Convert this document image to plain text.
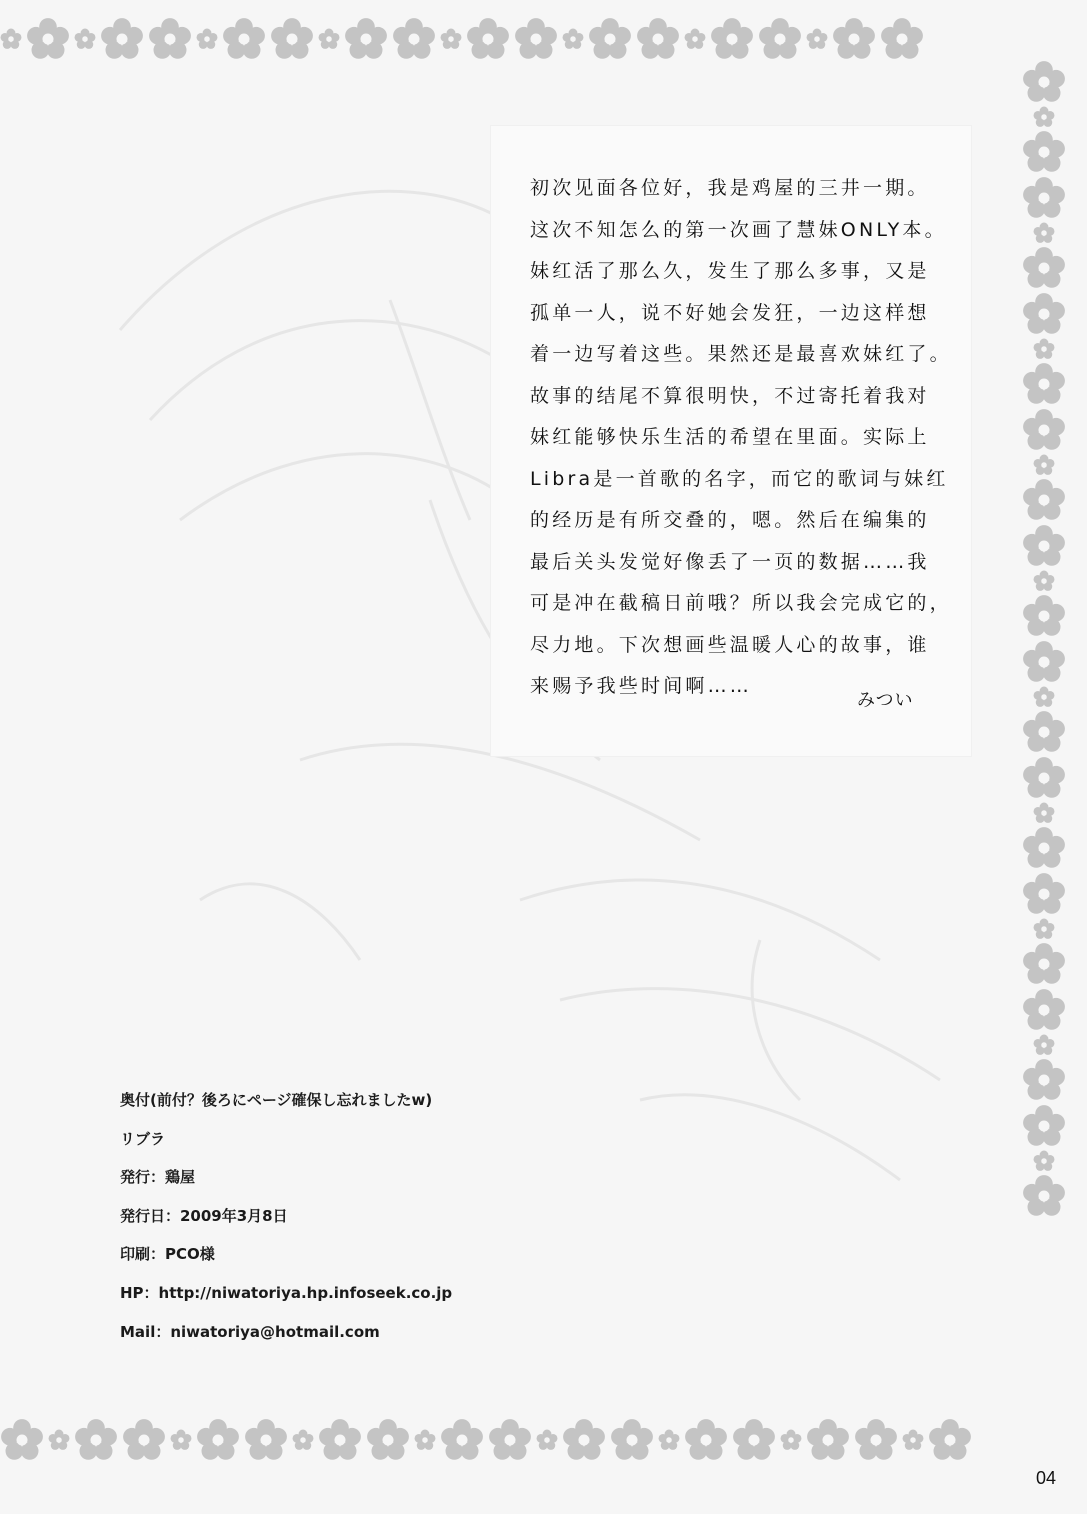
初次见面各位好，我是鸡屋的三井一期。
这次不知怎么的第一次画了慧妹ONLY本。
妹红活了那么久，发生了那么多事，又是
孤单一人，说不好她会发狂，一边这样想
着一边写着这些。果然还是最喜欢妹红了。
故事的结尾不算很明快，不过寄托着我对
妹红能够快乐生活的希望在里面。实际上
Libra是一首歌的名字，而它的歌词与妹红
的经历是有所交叠的，嗯。然后在编集的
最后关头发觉好像丢了一页的数据……我
可是冲在截稿日前哦？所以我会完成它的，
尽力地。下次想画些温暖人心的故事，谁
来赐予我些时间啊……
みつい
奥付(前付？後ろにページ確保し忘れましたw)
リブラ
発行：鶏屋
発行日：2009年3月8日
印刷：PCO様
HP：http://niwatoriya.hp.infoseek.co.jp
Mail：niwatoriya@hotmail.com
04
